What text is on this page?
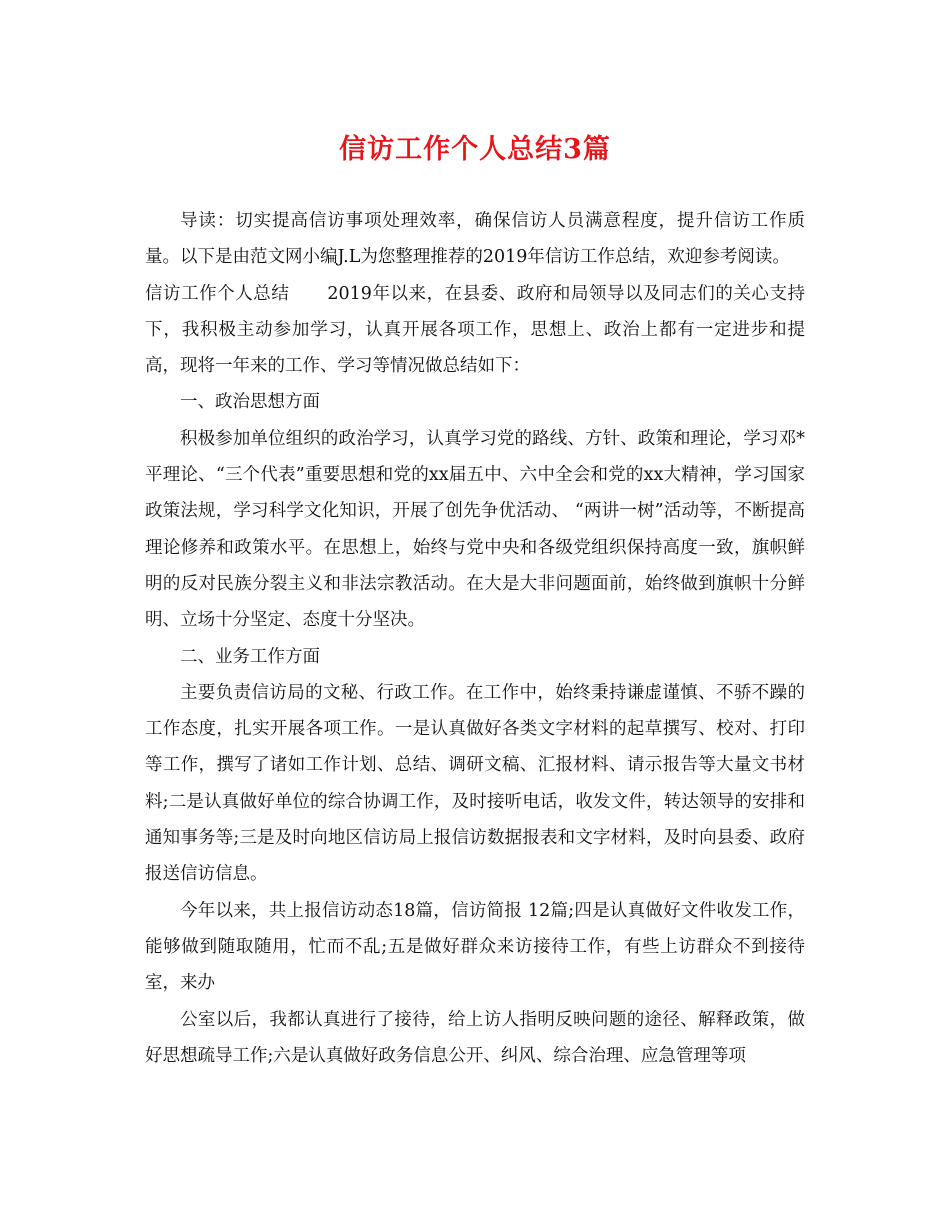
信访工作个人总结3篇

导读：切实提高信访事项处理效率，确保信访人员满意程度，提升信访工作质量。以下是由范文网小编J.L为您整理推荐的2019年信访工作总结，欢迎参考阅读。

信访工作个人总结 2019年以来，在县委、政府和局领导以及同志们的关心支持下，我积极主动参加学习，认真开展各项工作，思想上、政治上都有一定进步和提高，现将一年来的工作、学习等情况做总结如下：

一、政治思想方面

积极参加单位组织的政治学习，认真学习党的路线、方针、政策和理论，学习邓*平理论、“三个代表”重要思想和党的xx届五中、六中全会和党的xx大精神，学习国家政策法规，学习科学文化知识，开展了创先争优活动、 “两讲一树”活动等，不断提高理论修养和政策水平。在思想上，始终与党中央和各级党组织保持高度一致，旗帜鲜明的反对民族分裂主义和非法宗教活动。在大是大非问题面前，始终做到旗帜十分鲜明、立场十分坚定、态度十分坚决。

二、业务工作方面

主要负责信访局的文秘、行政工作。在工作中，始终秉持谦虚谨慎、不骄不躁的工作态度，扎实开展各项工作。一是认真做好各类文字材料的起草撰写、校对、打印等工作，撰写了诸如工作计划、总结、调研文稿、汇报材料、请示报告等大量文书材料;二是认真做好单位的综合协调工作，及时接听电话，收发文件，转达领导的安排和通知事务等;三是及时向地区信访局上报信访数据报表和文字材料，及时向县委、政府报送信访信息。

今年以来，共上报信访动态18篇，信访简报 12篇;四是认真做好文件收发工作，能够做到随取随用，忙而不乱;五是做好群众来访接待工作，有些上访群众不到接待室，来办

公室以后，我都认真进行了接待，给上访人指明反映问题的途径、解释政策，做好思想疏导工作;六是认真做好政务信息公开、纠风、综合治理、应急管理等项
